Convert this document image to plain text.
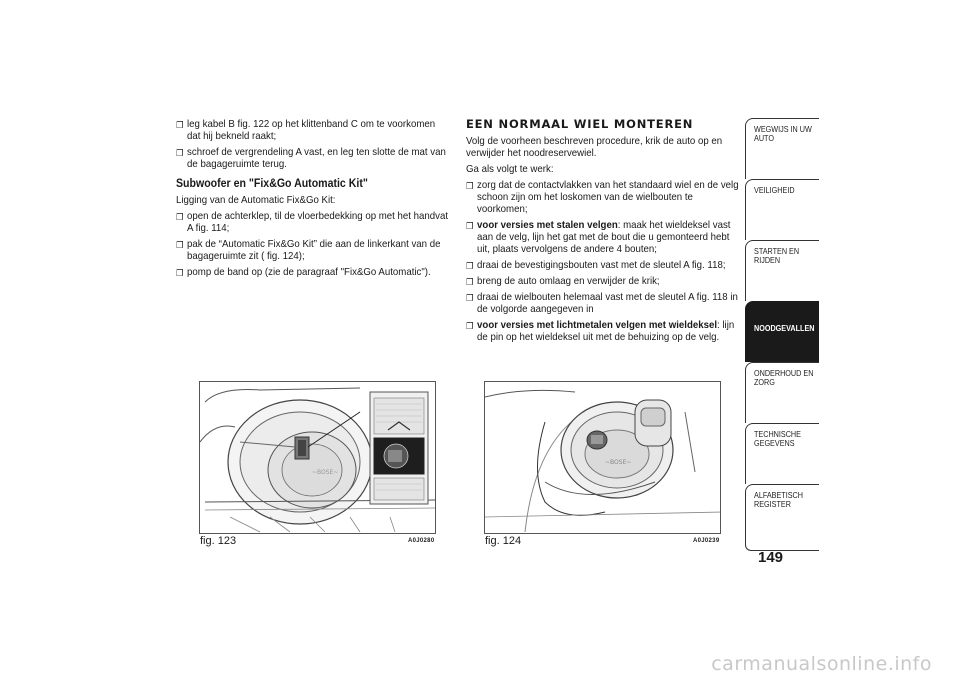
❐ leg kabel B fig. 122 op het klittenband C om te voorkomen dat hij bekneld raakt;
❐ schroef de vergrendeling A vast, en leg ten slotte de mat van de bagageruimte terug.
Subwoofer en "Fix&Go Automatic Kit"
Ligging van de Automatic Fix&Go Kit:
❐ open de achterklep, til de vloerbedekking op met het handvat A fig. 114;
❐ pak de “Automatic Fix&Go Kit” die aan de linkerkant van de bagageruimte zit ( fig. 124);
❐ pomp de band op (zie de paragraaf "Fix&Go Automatic").
EEN NORMAAL WIEL MONTEREN
Volg de voorheen beschreven procedure, krik de auto op en verwijder het noodreservewiel.
Ga als volgt te werk:
❐ zorg dat de contactvlakken van het standaard wiel en de velg schoon zijn om het loskomen van de wielbouten te voorkomen;
❐ voor versies met stalen velgen: maak het wieldeksel vast aan de velg, lijn het gat met de bout die u gemonteerd hebt uit, plaats vervolgens de andere 4 bouten;
❐ draai de bevestigingsbouten vast met de sleutel A fig. 118;
❐ breng de auto omlaag en verwijder de krik;
❐ draai de wielbouten helemaal vast met de sleutel A fig. 118 in de volgorde aangegeven in
❐ voor versies met lichtmetalen velgen met wieldeksel: lijn de pin op het wieldeksel uit met de behuizing op de velg.
~BOSE~
fig. 123	A0J0280
~BOSE~
fig. 124	A0J0239
WEGWIJS IN UW AUTO
VEILIGHEID
STARTEN EN RIJDEN
NOODGEVALLEN
ONDERHOUD EN ZORG
TECHNISCHE GEGEVENS
ALFABETISCH REGISTER
149
carmanualsonline.info
